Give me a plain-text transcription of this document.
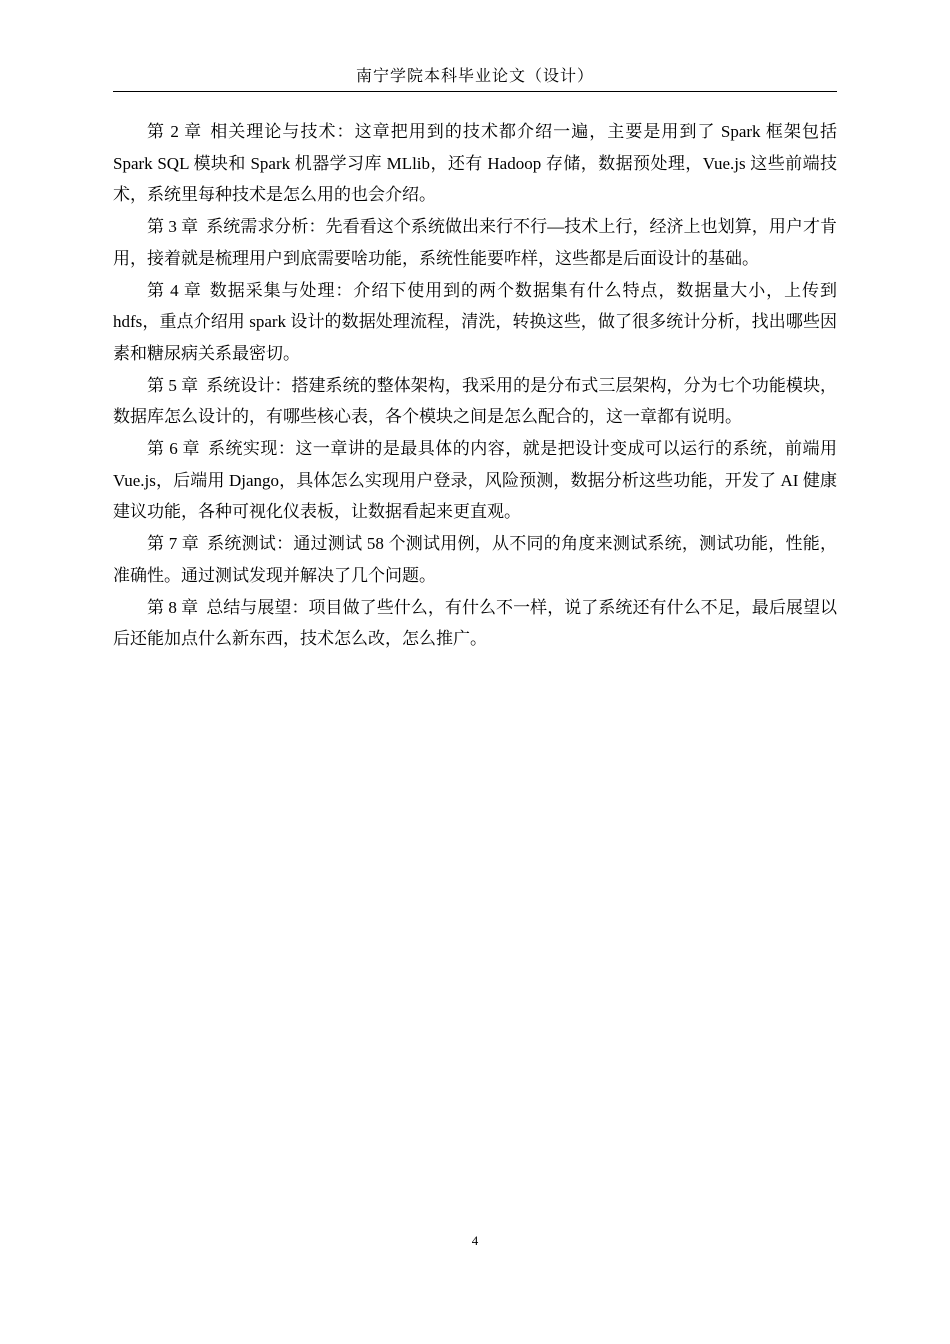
南宁学院本科毕业论文（设计）

第 2 章 相关理论与技术：这章把用到的技术都介绍一遍，主要是用到了 Spark 框架包括 Spark SQL 模块和 Spark 机器学习库 MLlib，还有 Hadoop 存储，数据预处理，Vue.js 这些前端技术，系统里每种技术是怎么用的也会介绍。

第 3 章 系统需求分析：先看看这个系统做出来行不行—技术上行，经济上也划算，用户才肯用，接着就是梳理用户到底需要啥功能，系统性能要咋样，这些都是后面设计的基础。

第 4 章 数据采集与处理：介绍下使用到的两个数据集有什么特点，数据量大小，上传到 hdfs，重点介绍用 spark 设计的数据处理流程，清洗，转换这些，做了很多统计分析，找出哪些因素和糖尿病关系最密切。

第 5 章 系统设计：搭建系统的整体架构，我采用的是分布式三层架构，分为七个功能模块，数据库怎么设计的，有哪些核心表，各个模块之间是怎么配合的，这一章都有说明。

第 6 章 系统实现：这一章讲的是最具体的内容，就是把设计变成可以运行的系统，前端用 Vue.js，后端用 Django，具体怎么实现用户登录，风险预测，数据分析这些功能，开发了 AI 健康建议功能，各种可视化仪表板，让数据看起来更直观。

第 7 章 系统测试：通过测试 58 个测试用例，从不同的角度来测试系统，测试功能，性能，准确性。通过测试发现并解决了几个问题。

第 8 章 总结与展望：项目做了些什么，有什么不一样，说了系统还有什么不足，最后展望以后还能加点什么新东西，技术怎么改，怎么推广。

4
